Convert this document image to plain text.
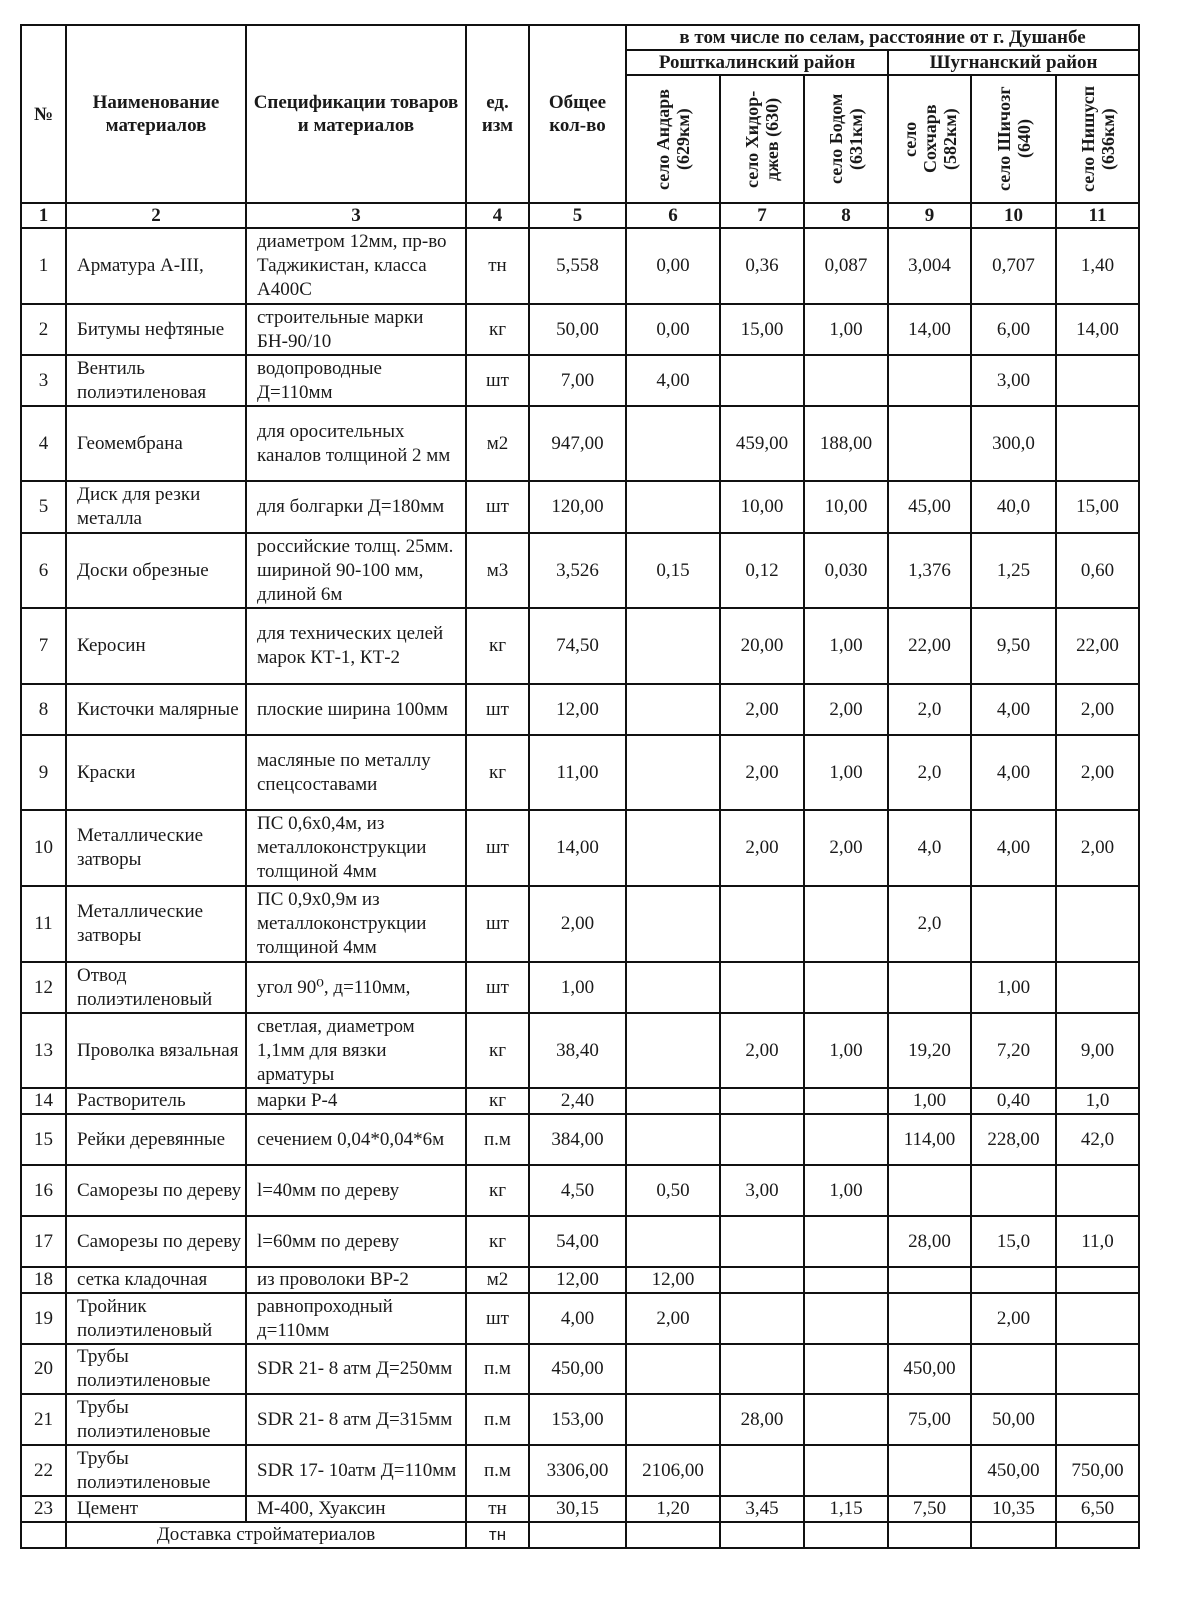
№	Наименование материалов	Спецификации товаров и материалов	ед. изм	Общее кол-во	в том числе по селам, расстояние от г. Душанбе					
					Рошткалинский район			Шугнанский район		

					село Андарв (629км)	село Хидор- джев (630)	село Бодом (631км)	село Сохчарв (582км)	село Шичозг (640)	село Нишусп (636км)

1	2	3	4	5	6	7	8	9	10	11
1	Арматура А-III,	диаметром 12мм, пр-во Таджикистан, класса А400С	тн	5,558	0,00	0,36	0,087	3,004	0,707	1,40
2	Битумы нефтяные	строительные марки БН-90/10	кг	50,00	0,00	15,00	1,00	14,00	6,00	14,00
3	Вентиль полиэтиленовая	водопроводные Д=110мм	шт	7,00	4,00				3,00	
4	Геомембрана	для оросительных каналов толщиной 2 мм	м2	947,00		459,00	188,00		300,0	
5	Диск для резки металла	для болгарки Д=180мм	шт	120,00		10,00	10,00	45,00	40,0	15,00
6	Доски обрезные	российские толщ. 25мм. шириной 90-100 мм, длиной 6м	м3	3,526	0,15	0,12	0,030	1,376	1,25	0,60
7	Керосин	для технических целей марок КТ-1, КТ-2	кг	74,50		20,00	1,00	22,00	9,50	22,00
8	Кисточки малярные	плоские ширина 100мм	шт	12,00		2,00	2,00	2,0	4,00	2,00
9	Краски	масляные по металлу спецсоставами	кг	11,00		2,00	1,00	2,0	4,00	2,00
10	Металлические затворы	ПС 0,6х0,4м, из металлоконструкции толщиной 4мм	шт	14,00		2,00	2,00	4,0	4,00	2,00
11	Металлические затворы	ПС 0,9х0,9м из металлоконструкции толщиной 4мм	шт	2,00				2,0		
12	Отвод полиэтиленовый	угол 90⁰, д=110мм,	шт	1,00					1,00	
13	Проволка вязальная	светлая, диаметром 1,1мм для вязки арматуры	кг	38,40		2,00	1,00	19,20	7,20	9,00
14	Растворитель	марки Р-4	кг	2,40				1,00	0,40	1,0
15	Рейки деревянные	сечением 0,04*0,04*6м	п.м	384,00				114,00	228,00	42,0
16	Саморезы по дереву	l=40мм по дереву	кг	4,50	0,50	3,00	1,00			
17	Саморезы по дереву	l=60мм по дереву	кг	54,00				28,00	15,0	11,0
18	сетка кладочная	из проволоки ВР-2	м2	12,00	12,00					
19	Тройник полиэтиленовый	равнопроходный д=110мм	шт	4,00	2,00				2,00	
20	Трубы полиэтиленовые	SDR 21- 8 атм Д=250мм	п.м	450,00				450,00		
21	Трубы полиэтиленовые	SDR 21- 8 атм Д=315мм	п.м	153,00		28,00		75,00	50,00	
22	Трубы полиэтиленовые	SDR 17- 10атм Д=110мм	п.м	3306,00	2106,00				450,00	750,00
23	Цемент	М-400, Хуаксин	тн	30,15	1,20	3,45	1,15	7,50	10,35	6,50
	Доставка стройматериалов		тн							
